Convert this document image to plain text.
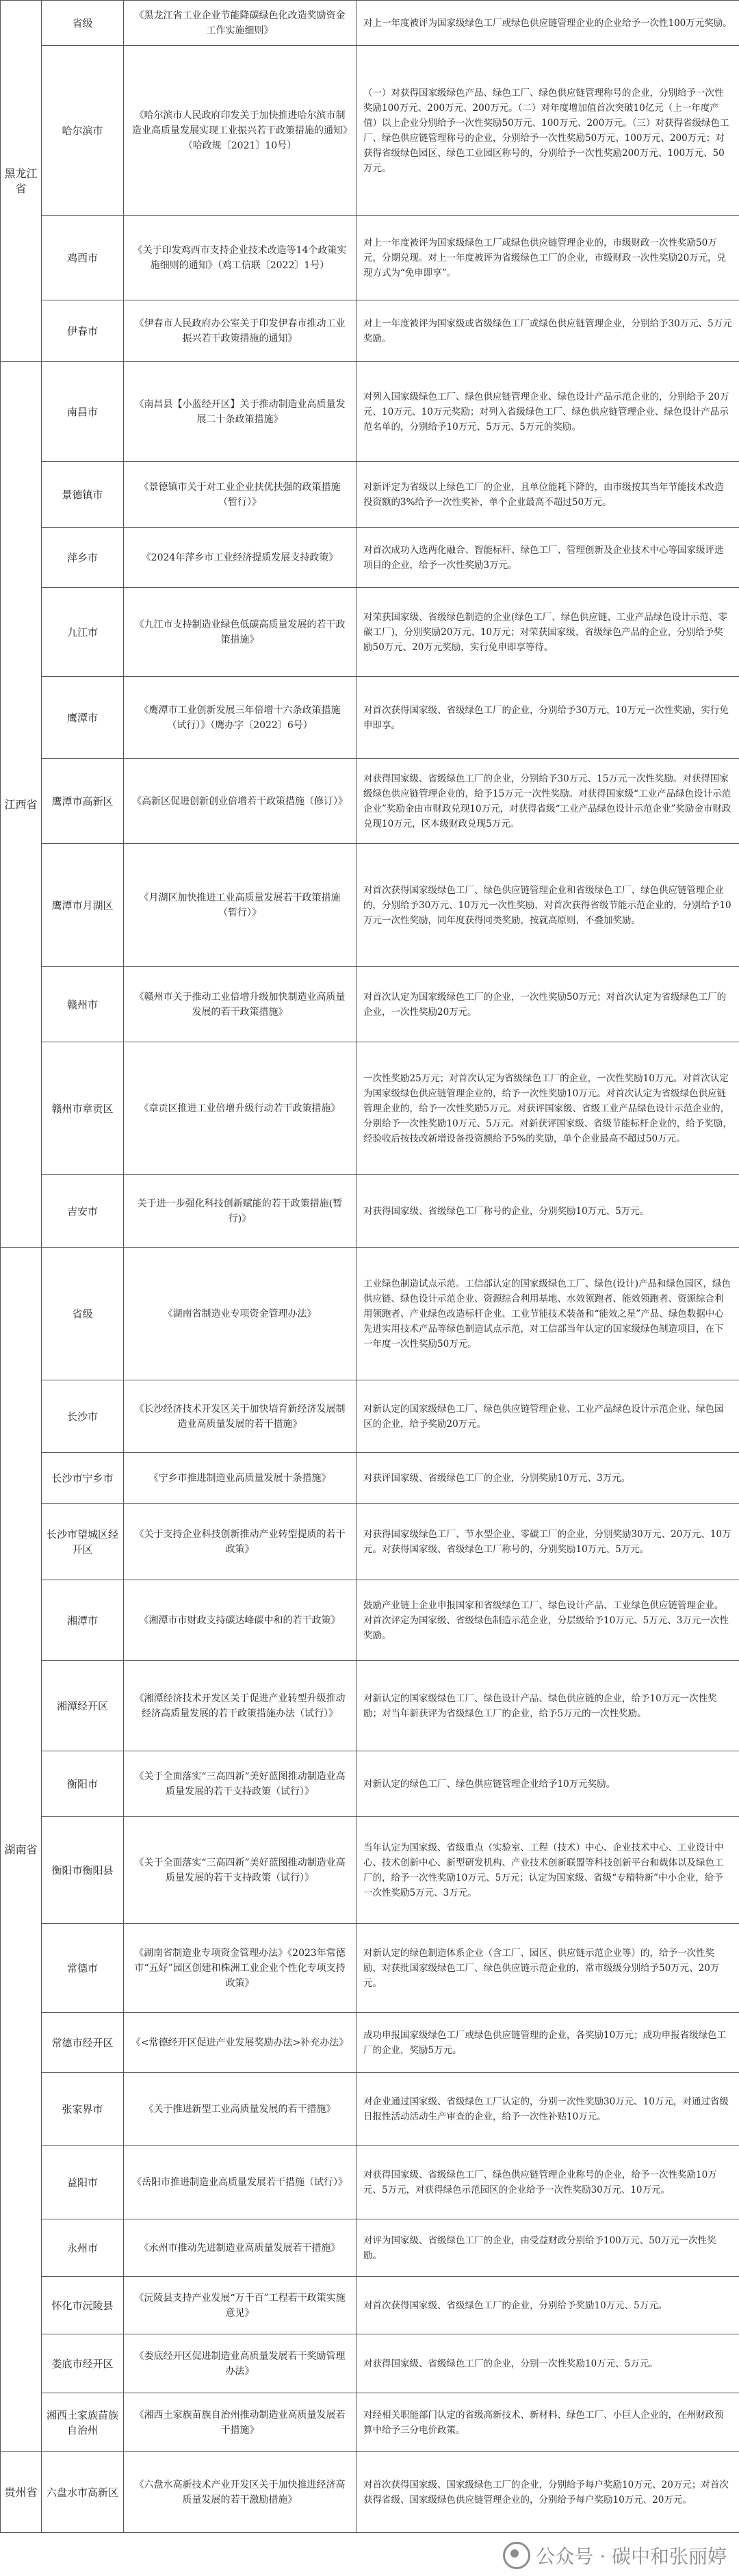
黑龙江省	省级	《黑龙江省工业企业节能降碳绿色化改造奖励资金工作实施细则》	对上一年度被评为国家级绿色工厂或绿色供应链管理企业的企业给予一次性100万元奖励。
	哈尔滨市	《哈尔滨市人民政府印发关于加快推进哈尔滨市制造业高质量发展实现工业振兴若干政策措施的通知》（哈政规〔2021〕10号）	（一）对获得国家级绿色产品、绿色工厂、绿色供应链管理称号的企业，分别给予一次性奖励100万元、200万元、200万元。（二）对年度增加值首次突破10亿元（上一年度产值）以上企业分别给予一次性奖励50万元、100万元、200万元。（三）对获得省级绿色工厂、绿色供应链管理称号的企业，分别给予一次性奖励50万元、100万元、200万元；对获得省级绿色园区、绿色工业园区称号的，分别给予一次性奖励200万元、100万元、50万元。
	鸡西市	《关于印发鸡西市支持企业技术改造等14个政策实施细则的通知》（鸡工信联〔2022〕1号）	对上一年度被评为国家级绿色工厂或绿色供应链管理企业的，市级财政一次性奖励50万元，分期兑现。对上一年度被评为省级绿色工厂的企业，市级财政一次性奖励20万元，兑现方式为“免申即享”。
	伊春市	《伊春市人民政府办公室关于印发伊春市推动工业振兴若干政策措施的通知》	对上一年度被评为国家级或省级绿色工厂或绿色供应链管理企业，分别给予30万元、5万元奖励。
江西省	南昌市	《南昌县【小蓝经开区】关于推动制造业高质量发展二十条政策措施》	对列入国家级绿色工厂、绿色供应链管理企业、绿色设计产品示范企业的，分别给予 20万元、10万元、10万元奖励；对列入省级绿色工厂、绿色供应链管理企业、绿色设计产品示范名单的，分别给予10万元、5万元、5万元的奖励。
	景德镇市	《景德镇市关于对工业企业扶优扶强的政策措施（暂行）》	对新评定为省级以上绿色工厂的企业，且单位能耗下降的，由市级按其当年节能技术改造投资额的3%给予一次性奖补，单个企业最高不超过50万元。
	萍乡市	《2024年萍乡市工业经济提质发展支持政策》	对首次成功入选两化融合、智能标杆、绿色工厂、管理创新及企业技术中心等国家级评选项目的企业，给予一次性奖励3万元。
	九江市	《九江市支持制造业绿色低碳高质量发展的若干政策措施》	对荣获国家级、省级绿色制造的企业(绿色工厂、绿色供应链、工业产品绿色设计示范、零碳工厂)，分别奖励20万元、10万元；对荣获国家级、省级绿色产品的企业，分别给予奖励50万元、20万元奖励，实行免申即享等待。
	鹰潭市	《鹰潭市工业创新发展三年倍增十六条政策措施（试行）》（鹰办字〔2022〕6号）	对首次获得国家级、省级绿色工厂的企业，分别给予30万元、10万元一次性奖励，实行免申即享。
	鹰潭市高新区	《高新区促进创新创业倍增若干政策措施（修订）》	对获得国家级、省级绿色工厂的企业，分别给予30万元、15万元一次性奖励。对获得国家级绿色供应链管理企业的，给予15万元一次性奖励。对获得国家级“工业产品绿色设计示范企业”奖励金由市财政兑现10万元，对获得省级“工业产品绿色设计示范企业”奖励金市财政兑现10万元，区本级财政兑现5万元。
	鹰潭市月湖区	《月湖区加快推进工业高质量发展若干政策措施（暂行）》	对首次获得国家级绿色工厂、绿色供应链管理企业和省级绿色工厂、绿色供应链管理企业的，分别给予30万元、10万元一次性奖励，对首次获得省级节能示范企业的，分别给予10万元一次性奖励，同年度获得同类奖励，按就高原则，不叠加奖励。
	赣州市	《赣州市关于推动工业倍增升级加快制造业高质量发展的若干政策措施》	对首次认定为国家级绿色工厂的企业，一次性奖励50万元；对首次认定为省级绿色工厂的企业，一次性奖励20万元。
	赣州市章贡区	《章贡区推进工业倍增升级行动若干政策措施》	一次性奖励25万元；对首次认定为省级绿色工厂的企业，一次性奖励10万元。对首次认定为国家级绿色供应链管理企业的，给予一次性奖励10万元。对首次认定为省级绿色供应链管理企业的，给予一次性奖励5万元。对获评国家级、省级工业产品绿色设计示范企业的，分别给予一次性奖励10万元、5万元。对新获评国家级、省级节能标杆企业的，给予奖励，经验收后按技改新增设备投资额给予5%的奖励，单个企业最高不超过50万元。
	吉安市	关于进一步强化科技创新赋能的若干政策措施(暂行)》	对获得国家级、省级绿色工厂称号的企业，分别奖励10万元、5万元。
湖南省	省级	《湖南省制造业专项资金管理办法》	工业绿色制造试点示范。工信部认定的国家级绿色工厂、绿色(设计)产品和绿色园区，绿色供应链、绿色设计示范企业、资源综合利用基地、水效领跑者、能效领跑者、资源综合利用领跑者、产业绿色改造标杆企业、工业节能技术装备和“能效之星”产品、绿色数据中心先进实用技术产品等绿色制造试点示范，对工信部当年认定的国家级绿色制造项目，在下一年度一次性奖励50万元。
	长沙市	《长沙经济技术开发区关于加快培育新经济发展制造业高质量发展的若干措施》	对新认定的国家级绿色工厂、绿色供应链管理企业、工业产品绿色设计示范企业、绿色园区的企业，给予奖励20万元。
	长沙市宁乡市	《宁乡市推进制造业高质量发展十条措施》	对获评国家级、省级绿色工厂的企业，分别奖励10万元、3万元。
	长沙市望城区经开区	《关于支持企业科技创新推动产业转型提质的若干政策》	对获得国家级绿色工厂、节水型企业、零碳工厂的企业，分别奖励30万元、20万元、10万元。对获得国家级、省级绿色工厂称号的，分别奖励10万元、5万元。
	湘潭市	《湘潭市市财政支持碳达峰碳中和的若干政策》	鼓励产业链上企业申报国家和省级绿色工厂、绿色设计产品、工业绿色供应链管理企业。对首次评定为国家级、省级绿色制造示范企业，分层级给予10万元、5万元、3万元一次性奖励。
	湘潭经开区	《湘潭经济技术开发区关于促进产业转型升级推动经济高质量发展的若干政策措施办法（试行）》	对新认定的国家级绿色工厂、绿色设计产品、绿色供应链的企业，给予10万元一次性奖励；对当年新获评为省级绿色工厂的企业，给予5万元的一次性奖励。
	衡阳市	《关于全面落实“三高四新”美好蓝图推动制造业高质量发展的若干支持政策（试行）》	对新认定的绿色工厂、绿色供应链管理企业给予10万元奖励。
	衡阳市衡阳县	《关于全面落实“三高四新”美好蓝图推动制造业高质量发展的若干支持政策（试行）》	当年认定为国家级、省级重点（实验室、工程（技术）中心、企业技术中心、工业设计中心、技术创新中心、新型研发机构、产业技术创新联盟等科技创新平台和载体以及绿色工厂的，给予一次性奖励10万元、5万元；认定为国家级、省级“专精特新”中小企业，给予一次性奖励5万元、3万元。
	常德市	《湖南省制造业专项资金管理办法》《2023年常德市“五好”园区创建和株洲工业企业个性化专项支持政策》	对新认定的绿色制造体系企业（含工厂、园区、供应链示范企业等）的，给予一次性奖励，对获批国家级绿色工厂、绿色供应链示范企业的，常市级级分别给予50万元、20万元。
	常德市经开区	《<常德经开区促进产业发展奖励办法>补充办法》	成功申报国家级绿色工厂或绿色供应链管理的企业，各奖励10万元；成功申报省级绿色工厂的企业，奖励5万元。
	张家界市	《关于推进新型工业高质量发展的若干措施》	对企业通过国家级、省级绿色工厂认定的，分别一次性奖励30万元、10万元，对通过省级日报性活动活动生产审查的企业，给予一次性补贴10万元。
	益阳市	《岳阳市推进制造业高质量发展若干措施（试行）》	对获得国家级、省级绿色工厂、绿色供应链管理企业称号的企业，给予一次性奖励10万元、5万元，对获得绿色示范园区的企业给予一次性奖励30万元、10万元。
	永州市	《永州市推动先进制造业高质量发展若干措施》	对评为国家级、省级绿色工厂的企业，由受益财政分别给予100万元、50万元一次性奖励。
	怀化市沅陵县	《沅陵县支持产业发展“万千百”工程若干政策实施意见》	对首次获得国家级、省级绿色工厂的企业，分别给予奖励10万元、5万元。
	娄底市经开区	《娄底经开区促进制造业高质量发展若干奖励管理办法》	对获得国家级、省级绿色工厂的企业，分别一次性奖励10万元、5万元。
	湘西土家族苗族自治州	《湘西土家族苗族自治州推动制造业高质量发展若干措施》	对经相关职能部门认定的省级高新技术、新材料、绿色工厂、小巨人企业的，在州财政预算中给予三分电价政策。
贵州省	六盘水市高新区	《六盘水高新技术产业开发区关于加快推进经济高质量发展的若干激励措施》	对首次获得国家级、国家级绿色工厂的企业，分别给予每户奖励10万元、20万元；对首次获得省级、国家级绿色供应链管理企业的，分别给予每户奖励10万元、20万元。
公众号 · 碳中和张丽婷
